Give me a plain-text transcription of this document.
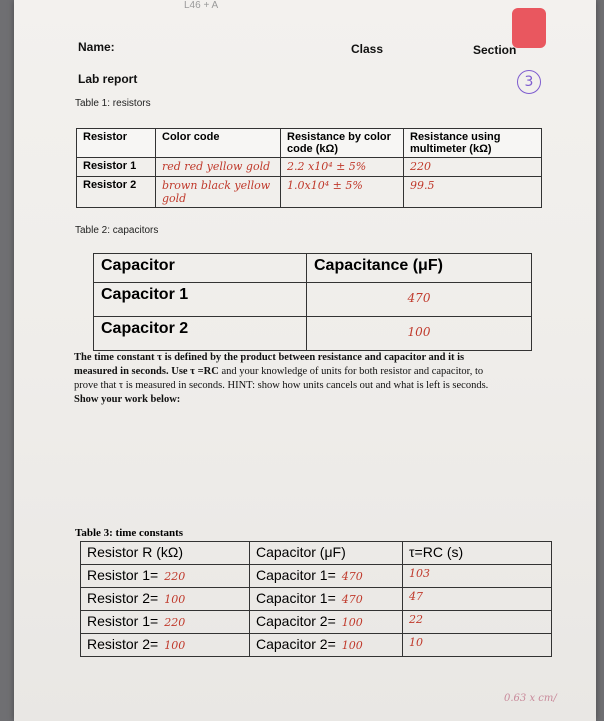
L46 + A
Name:	Class	Section
3
Lab report
Table 1: resistors
Resistor	Color code	Resistance by color code (kΩ)	Resistance using multimeter (kΩ)
Resistor 1	red red yellow gold	2.2 x10⁴ ± 5%	220
Resistor 2	brown black yellow gold	1.0x10⁴ ± 5%	99.5
Table 2: capacitors
Capacitor	Capacitance (μF)
Capacitor 1	470
Capacitor 2	100
The time constant τ is defined by the product between resistance and capacitor and it is
measured in seconds. Use τ =RC and your knowledge of units for both resistor and capacitor, to
prove that τ is measured in seconds. HINT: show how units cancels out and what is left is seconds.
Show your work below:
Table 3: time constants
Resistor R (kΩ)	Capacitor (μF)	τ=RC (s)
Resistor 1= 220	Capacitor 1= 470	103
Resistor 2= 100	Capacitor 1= 470	47
Resistor 1= 220	Capacitor 2= 100	22
Resistor 2= 100	Capacitor 2= 100	10
0.63 x cm/
